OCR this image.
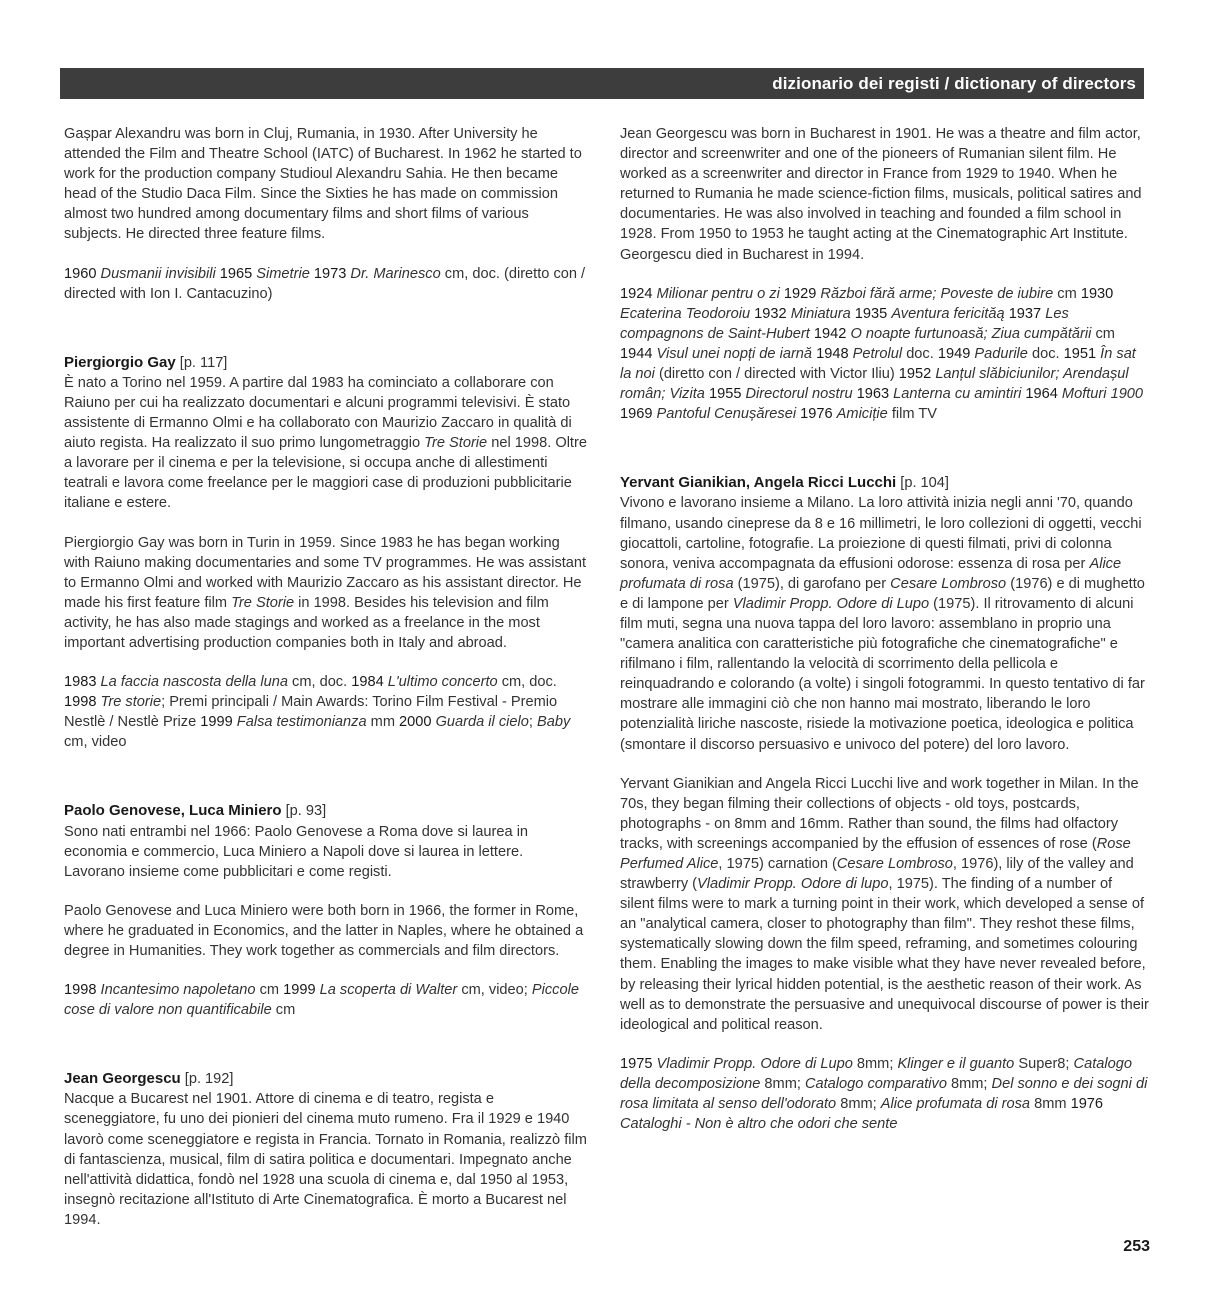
dizionario dei registi / dictionary of directors

Gașpar Alexandru was born in Cluj, Rumania, in 1930. After University he attended the Film and Theatre School (IATC) of Bucharest. In 1962 he started to work for the production company Studioul Alexandru Sahia. He then became head of the Studio Daca Film. Since the Sixties he has made on commission almost two hundred among documentary films and short films of various subjects. He directed three feature films.

1960 Dusmanii invisibili 1965 Simetrie 1973 Dr. Marinesco cm, doc. (diretto con / directed with Ion I. Cantacuzino)

Piergiorgio Gay [p. 117]

È nato a Torino nel 1959. A partire dal 1983 ha cominciato a collaborare con Raiuno per cui ha realizzato documentari e alcuni programmi televisivi. È stato assistente di Ermanno Olmi e ha collaborato con Maurizio Zaccaro in qualità di aiuto regista. Ha realizzato il suo primo lungometraggio Tre Storie nel 1998. Oltre a lavorare per il cinema e per la televisione, si occupa anche di allestimenti teatrali e lavora come freelance per le maggiori case di produzioni pubblicitarie italiane e estere.

Piergiorgio Gay was born in Turin in 1959. Since 1983 he has began working with Raiuno making documentaries and some TV programmes. He was assistant to Ermanno Olmi and worked with Maurizio Zaccaro as his assistant director. He made his first feature film Tre Storie in 1998. Besides his television and film activity, he has also made stagings and worked as a freelance in the most important advertising production companies both in Italy and abroad.

1983 La faccia nascosta della luna cm, doc. 1984 L'ultimo concerto cm, doc. 1998 Tre storie; Premi principali / Main Awards: Torino Film Festival - Premio Nestlè / Nestlè Prize 1999 Falsa testimonianza mm 2000 Guarda il cielo; Baby cm, video

Paolo Genovese, Luca Miniero [p. 93]

Sono nati entrambi nel 1966: Paolo Genovese a Roma dove si laurea in economia e commercio, Luca Miniero a Napoli dove si laurea in lettere. Lavorano insieme come pubblicitari e come registi.

Paolo Genovese and Luca Miniero were both born in 1966, the former in Rome, where he graduated in Economics, and the latter in Naples, where he obtained a degree in Humanities. They work together as commercials and film directors.

1998 Incantesimo napoletano cm 1999 La scoperta di Walter cm, video; Piccole cose di valore non quantificabile cm

Jean Georgescu [p. 192]

Nacque a Bucarest nel 1901. Attore di cinema e di teatro, regista e sceneggiatore, fu uno dei pionieri del cinema muto rumeno. Fra il 1929 e 1940 lavorò come sceneggiatore e regista in Francia. Tornato in Romania, realizzò film di fantascienza, musical, film di satira politica e documentari. Impegnato anche nell'attività didattica, fondò nel 1928 una scuola di cinema e, dal 1950 al 1953, insegnò recitazione all'Istituto di Arte Cinematografica. È morto a Bucarest nel 1994.

Jean Georgescu was born in Bucharest in 1901. He was a theatre and film actor, director and screenwriter and one of the pioneers of Rumanian silent film. He worked as a screenwriter and director in France from 1929 to 1940. When he returned to Rumania he made science-fiction films, musicals, political satires and documentaries. He was also involved in teaching and founded a film school in 1928. From 1950 to 1953 he taught acting at the Cinematographic Art Institute. Georgescu died in Bucharest in 1994.

1924 Milionar pentru o zi 1929 Război fără arme; Poveste de iubire cm 1930 Ecaterina Teodoroiu 1932 Miniatura 1935 Aventura fericităą 1937 Les compagnons de Saint-Hubert 1942 O noapte furtunoasă; Ziua cumpătării cm 1944 Visul unei nopți de iarnă 1948 Petrolul doc. 1949 Padurile doc. 1951 În sat la noi (diretto con / directed with Victor Iliu) 1952 Lanțul slăbiciunilor; Arendașul român; Vizita 1955 Directorul nostru 1963 Lanterna cu amintiri 1964 Mofturi 1900 1969 Pantoful Cenușăresei 1976 Amiciție film TV

Yervant Gianikian, Angela Ricci Lucchi [p. 104]

Vivono e lavorano insieme a Milano. La loro attività inizia negli anni '70, quando filmano, usando cineprese da 8 e 16 millimetri, le loro collezioni di oggetti, vecchi giocattoli, cartoline, fotografie. La proiezione di questi filmati, privi di colonna sonora, veniva accompagnata da effusioni odorose: essenza di rosa per Alice profumata di rosa (1975), di garofano per Cesare Lombroso (1976) e di mughetto e di lampone per Vladimir Propp. Odore di Lupo (1975). Il ritrovamento di alcuni film muti, segna una nuova tappa del loro lavoro: assemblano in proprio una "camera analitica con caratteristiche più fotografiche che cinematografiche" e rifilmano i film, rallentando la velocità di scorrimento della pellicola e reinquadrando e colorando (a volte) i singoli fotogrammi. In questo tentativo di far mostrare alle immagini ciò che non hanno mai mostrato, liberando le loro potenzialità liriche nascoste, risiede la motivazione poetica, ideologica e politica (smontare il discorso persuasivo e univoco del potere) del loro lavoro.

Yervant Gianikian and Angela Ricci Lucchi live and work together in Milan. In the 70s, they began filming their collections of objects - old toys, postcards, photographs - on 8mm and 16mm. Rather than sound, the films had olfactory tracks, with screenings accompanied by the effusion of essences of rose (Rose Perfumed Alice, 1975) carnation (Cesare Lombroso, 1976), lily of the valley and strawberry (Vladimir Propp. Odore di lupo, 1975). The finding of a number of silent films were to mark a turning point in their work, which developed a sense of an "analytical camera, closer to photography than film". They reshot these films, systematically slowing down the film speed, reframing, and sometimes colouring them. Enabling the images to make visible what they have never revealed before, by releasing their lyrical hidden potential, is the aesthetic reason of their work. As well as to demonstrate the persuasive and unequivocal discourse of power is their ideological and political reason.

1975 Vladimir Propp. Odore di Lupo 8mm; Klinger e il guanto Super8; Catalogo della decomposizione 8mm; Catalogo comparativo 8mm; Del sonno e dei sogni di rosa limitata al senso dell'odorato 8mm; Alice profumata di rosa 8mm 1976 Cataloghi - Non è altro che odori che sente

253
